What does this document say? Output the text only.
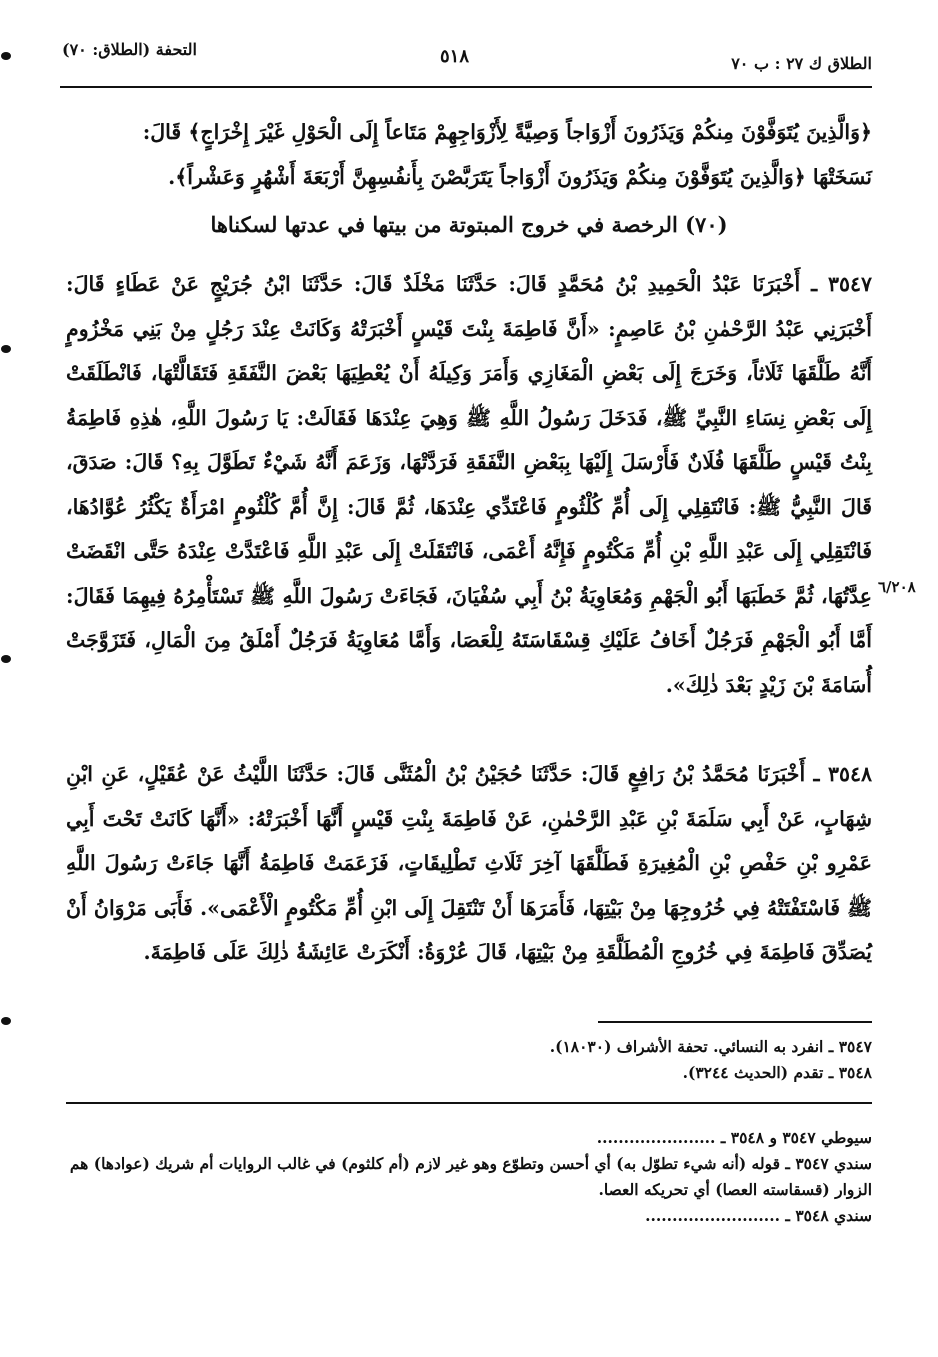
الطلاق ك ٢٧ : ب ٧٠
٥١٨
التحفة (الطلاق: ٧٠)

﴿وَالَّذِينَ يُتَوَفَّوْنَ مِنكُمْ وَيَذَرُونَ أَزْوَاجاً وَصِيَّةً لِأَزْوَاجِهِمْ مَتَاعاً إِلَى الْحَوْلِ غَيْرَ إِخْرَاجٍ﴾ قَالَ:

نَسَخَتْهَا ﴿وَالَّذِينَ يُتَوَفَّوْنَ مِنكُمْ وَيَذَرُونَ أَزْوَاجاً يَتَرَبَّصْنَ بِأَنفُسِهِنَّ أَرْبَعَةَ أَشْهُرٍ وَعَشْراً﴾.

(٧٠) الرخصة في خروج المبتوتة من بيتها في عدتها لسكناها

٣٥٤٧ ـ أَخْبَرَنَا عَبْدُ الْحَمِيدِ بْنُ مُحَمَّدٍ قَالَ: حَدَّثَنَا مَخْلَدٌ قَالَ: حَدَّثَنَا ابْنُ جُرَيْجٍ عَنْ عَطَاءٍ قَالَ: أَخْبَرَنِي عَبْدُ الرَّحْمٰنِ بْنُ عَاصِمٍ: «أَنَّ فَاطِمَةَ بِنْتَ قَيْسٍ أَخْبَرَتْهُ وَكَانَتْ عِنْدَ رَجُلٍ مِنْ بَنِي مَخْزُومٍ أَنَّهُ طَلَّقَهَا ثَلَاثاً، وَخَرَجَ إِلَى بَعْضِ الْمَغَازِي وَأَمَرَ وَكِيلَهُ أَنْ يُعْطِيَهَا بَعْضَ النَّفَقَةِ فَتَقَالَّتْهَا، فَانْطَلَقَتْ إِلَى بَعْضِ نِسَاءِ النَّبِيِّ ﷺ، فَدَخَلَ رَسُولُ اللَّهِ ﷺ وَهِيَ عِنْدَهَا فَقَالَتْ: يَا رَسُولَ اللَّهِ، هٰذِهِ فَاطِمَةُ بِنْتُ قَيْسٍ طَلَّقَهَا فُلَانٌ فَأَرْسَلَ إِلَيْهَا بِبَعْضِ النَّفَقَةِ فَرَدَّتْهَا، وَزَعَمَ أَنَّهُ شَيْءٌ تَطَوَّلَ بِهِ؟ قَالَ: صَدَقَ، قَالَ النَّبِيُّ ﷺ: فَانْتَقِلِي إِلَى أُمِّ كُلْثُومٍ فَاعْتَدِّي عِنْدَهَا، ثُمَّ قَالَ: إِنَّ أُمَّ كُلْثُومٍ امْرَأَةٌ يَكْثُرُ عُوَّادُهَا، فَانْتَقِلِي إِلَى عَبْدِ اللَّهِ بْنِ أُمِّ مَكْتُومٍ فَإِنَّهُ أَعْمَى، فَانْتَقَلَتْ إِلَى عَبْدِ اللَّهِ فَاعْتَدَّتْ عِنْدَهُ حَتَّى انْقَضَتْ عِدَّتُهَا، ثُمَّ خَطَبَهَا أَبُو الْجَهْمِ وَمُعَاوِيَةُ بْنُ أَبِي سُفْيَانَ، فَجَاءَتْ رَسُولَ اللَّهِ ﷺ تَسْتَأْمِرُهُ فِيهِمَا فَقَالَ: أَمَّا أَبُو الْجَهْمِ فَرَجُلٌ أَخَافُ عَلَيْكِ قِسْقَاسَتَهُ لِلْعَصَا، وَأَمَّا مُعَاوِيَةُ فَرَجُلٌ أَمْلَقُ مِنَ الْمَالِ، فَتَزَوَّجَتْ أُسَامَةَ بْنَ زَيْدٍ بَعْدَ ذٰلِكَ».

٦/٢٠٨

٣٥٤٨ ـ أَخْبَرَنَا مُحَمَّدُ بْنُ رَافِعٍ قَالَ: حَدَّثَنَا حُجَيْنُ بْنُ الْمُثَنَّى قَالَ: حَدَّثَنَا اللَّيْثُ عَنْ عُقَيْلٍ، عَنِ ابْنِ شِهَابٍ، عَنْ أَبِي سَلَمَةَ بْنِ عَبْدِ الرَّحْمٰنِ، عَنْ فَاطِمَةَ بِنْتِ قَيْسٍ أَنَّهَا أَخْبَرَتْهُ: «أَنَّهَا كَانَتْ تَحْتَ أَبِي عَمْرِو بْنِ حَفْصِ بْنِ الْمُغِيرَةِ فَطَلَّقَهَا آخِرَ ثَلَاثِ تَطْلِيقَاتٍ، فَزَعَمَتْ فَاطِمَةُ أَنَّهَا جَاءَتْ رَسُولَ اللَّهِ ﷺ فَاسْتَفْتَتْهُ فِي خُرُوجِهَا مِنْ بَيْتِهَا، فَأَمَرَهَا أَنْ تَنْتَقِلَ إِلَى ابْنِ أُمِّ مَكْتُومٍ الْأَعْمَى». فَأَبَى مَرْوَانُ أَنْ يُصَدِّقَ فَاطِمَةَ فِي خُرُوجِ الْمُطَلَّقَةِ مِنْ بَيْتِهَا، قَالَ عُرْوَةُ: أَنْكَرَتْ عَائِشَةُ ذٰلِكَ عَلَى فَاطِمَةَ.

٣٥٤٧ ـ انفرد به النسائي. تحفة الأشراف (١٨٠٣٠).

٣٥٤٨ ـ تقدم (الحديث ٣٢٤٤).

سيوطي ٣٥٤٧ و ٣٥٤٨ ـ ......................

سندي ٣٥٤٧ ـ قوله (أنه شيء تطوّل به) أي أحسن وتطوّع وهو غير لازم (أم كلثوم) في غالب الروايات أم شريك (عوادها) هم الزوار (قسقاسته العصا) أي تحريكه العصا.

سندي ٣٥٤٨ ـ .........................
